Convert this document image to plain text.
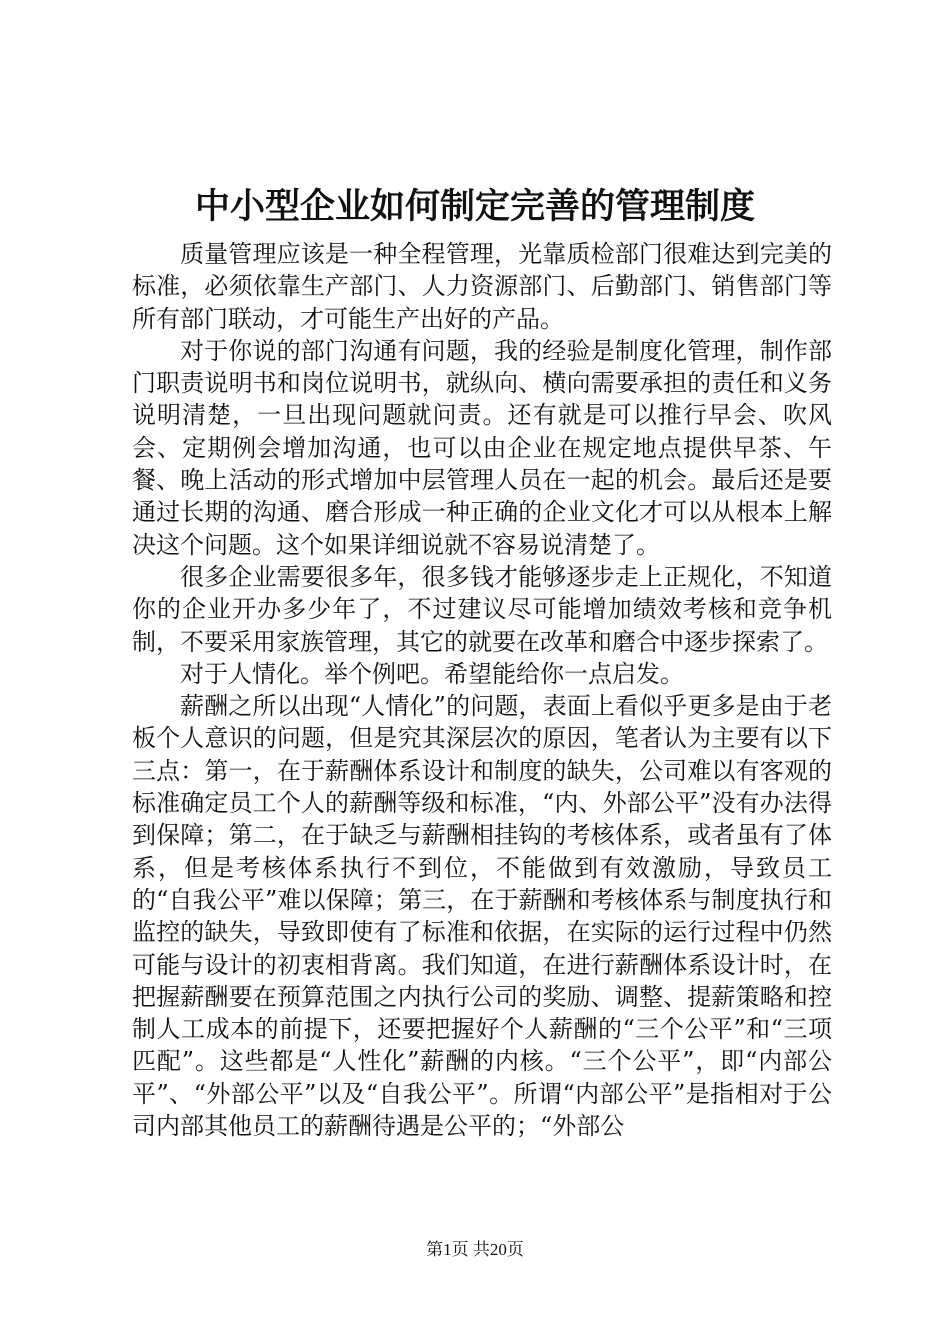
中小型企业如何制定完善的管理制度

质量管理应该是一种全程管理，光靠质检部门很难达到完美的标准，必须依靠生产部门、人力资源部门、后勤部门、销售部门等所有部门联动，才可能生产出好的产品。

对于你说的部门沟通有问题，我的经验是制度化管理，制作部门职责说明书和岗位说明书，就纵向、横向需要承担的责任和义务说明清楚，一旦出现问题就问责。还有就是可以推行早会、吹风会、定期例会增加沟通，也可以由企业在规定地点提供早茶、午餐、晚上活动的形式增加中层管理人员在一起的机会。最后还是要通过长期的沟通、磨合形成一种正确的企业文化才可以从根本上解决这个问题。这个如果详细说就不容易说清楚了。

很多企业需要很多年，很多钱才能够逐步走上正规化，不知道你的企业开办多少年了，不过建议尽可能增加绩效考核和竞争机制，不要采用家族管理，其它的就要在改革和磨合中逐步探索了。

对于人情化。举个例吧。希望能给你一点启发。

薪酬之所以出现“人情化”的问题，表面上看似乎更多是由于老板个人意识的问题，但是究其深层次的原因，笔者认为主要有以下三点：第一，在于薪酬体系设计和制度的缺失，公司难以有客观的标准确定员工个人的薪酬等级和标准，“内、外部公平”没有办法得到保障；第二，在于缺乏与薪酬相挂钩的考核体系，或者虽有了体系，但是考核体系执行不到位，不能做到有效激励，导致员工的“自我公平”难以保障；第三，在于薪酬和考核体系与制度执行和监控的缺失，导致即使有了标准和依据，在实际的运行过程中仍然可能与设计的初衷相背离。我们知道，在进行薪酬体系设计时，在把握薪酬要在预算范围之内执行公司的奖励、调整、提薪策略和控制人工成本的前提下，还要把握好个人薪酬的“三个公平”和“三项匹配”。这些都是“人性化”薪酬的内核。“三个公平”，即“内部公平”、“外部公平”以及“自我公平”。所谓“内部公平”是指相对于公司内部其他员工的薪酬待遇是公平的；“外部公

第1页 共20页
